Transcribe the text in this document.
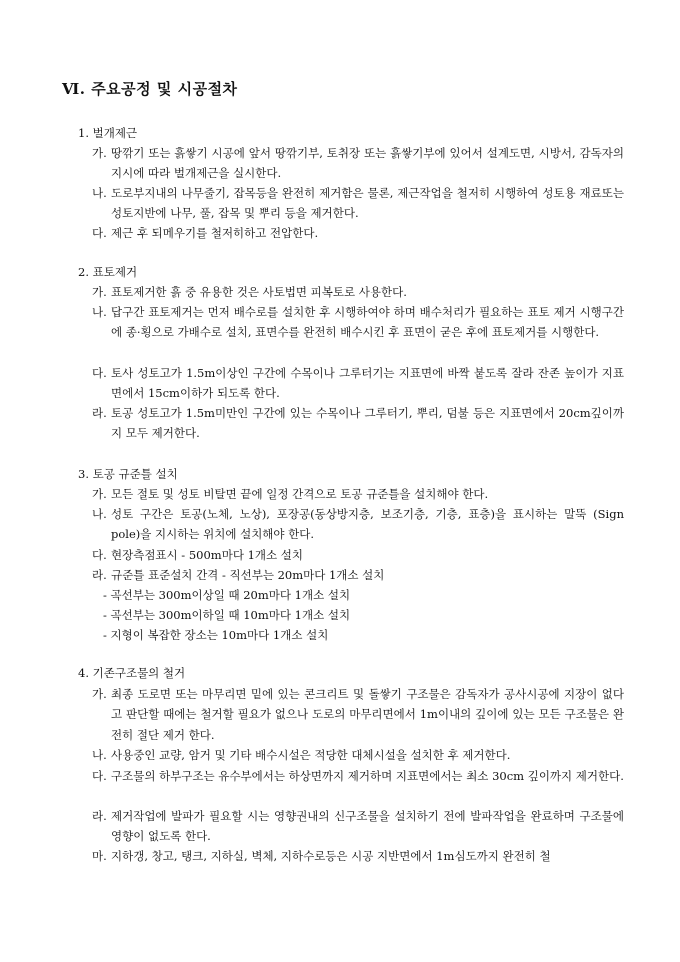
Ⅵ. 주요공정 및 시공절차
1. 벌개제근
가. 땅깎기 또는 흙쌓기 시공에 앞서 땅깎기부, 토취장 또는 흙쌓기부에 있어서 설계도면, 시방서, 감독자의 지시에 따라 벌개제근을 실시한다.
나. 도로부지내의 나무줄기, 잡목등을 완전히 제거함은 물론, 제근작업을 철저히 시행하여 성토용 재료또는 성토지반에 나무, 풀, 잡목 및 뿌리 등을 제거한다.
다. 제근 후 되메우기를 철저히하고 전압한다.
2. 표토제거
가. 표토제거한 흙 중 유용한 것은 사토법면 피복토로 사용한다.
나. 답구간 표토제거는 먼저 배수로를 설치한 후 시행하여야 하며 배수처리가 필요하는 표토 제거 시행구간에 종·횡으로 가배수로 설치, 표면수를 완전히 배수시킨 후 표면이 굳은 후에 표토제거를 시행한다.
다. 토사 성토고가 1.5m이상인 구간에 수목이나 그루터기는 지표면에 바짝 붙도록 잘라 잔존 높이가 지표면에서 15cm이하가 되도록 한다.
라. 토공 성토고가 1.5m미만인 구간에 있는 수목이나 그루터기, 뿌리, 덤불 등은 지표면에서 20cm깊이까지 모두 제거한다.
3. 토공 규준틀 설치
가. 모든 절토 및 성토 비탈면 끝에 일정 간격으로 토공 규준틀을 설치해야 한다.
나. 성토 구간은 토공(노체, 노상), 포장공(동상방지층, 보조기층, 기층, 표층)을 표시하는 말뚝 (Sign pole)을 지시하는 위치에 설치해야 한다.
다. 현장측점표시 - 500m마다 1개소 설치
라. 규준틀 표준설치 간격 - 직선부는 20m마다 1개소 설치
- 곡선부는 300m이상일 때 20m마다 1개소 설치
- 곡선부는 300m이하일 때 10m마다 1개소 설치
- 지형이 복잡한 장소는 10m마다 1개소 설치
4. 기존구조물의 철거
가. 최종 도로면 또는 마무리면 밑에 있는 콘크리트 및 돌쌓기 구조물은 감독자가 공사시공에 지장이 없다고 판단할 때에는 철거할 필요가 없으나 도로의 마무리면에서 1m이내의 깊이에 있는 모든 구조물은 완전히 절단 제거 한다.
나. 사용중인 교량, 암거 및 기타 배수시설은 적당한 대체시설을 설치한 후 제거한다.
다. 구조물의 하부구조는 유수부에서는 하상면까지 제거하며 지표면에서는 최소 30cm 깊이까지 제거한다.
라. 제거작업에 발파가 필요할 시는 영향권내의 신구조물을 설치하기 전에 발파작업을 완료하며 구조물에 영향이 없도록 한다.
마. 지하갱, 창고, 탱크, 지하실, 벽체, 지하수로등은 시공 지반면에서 1m심도까지 완전히 철
